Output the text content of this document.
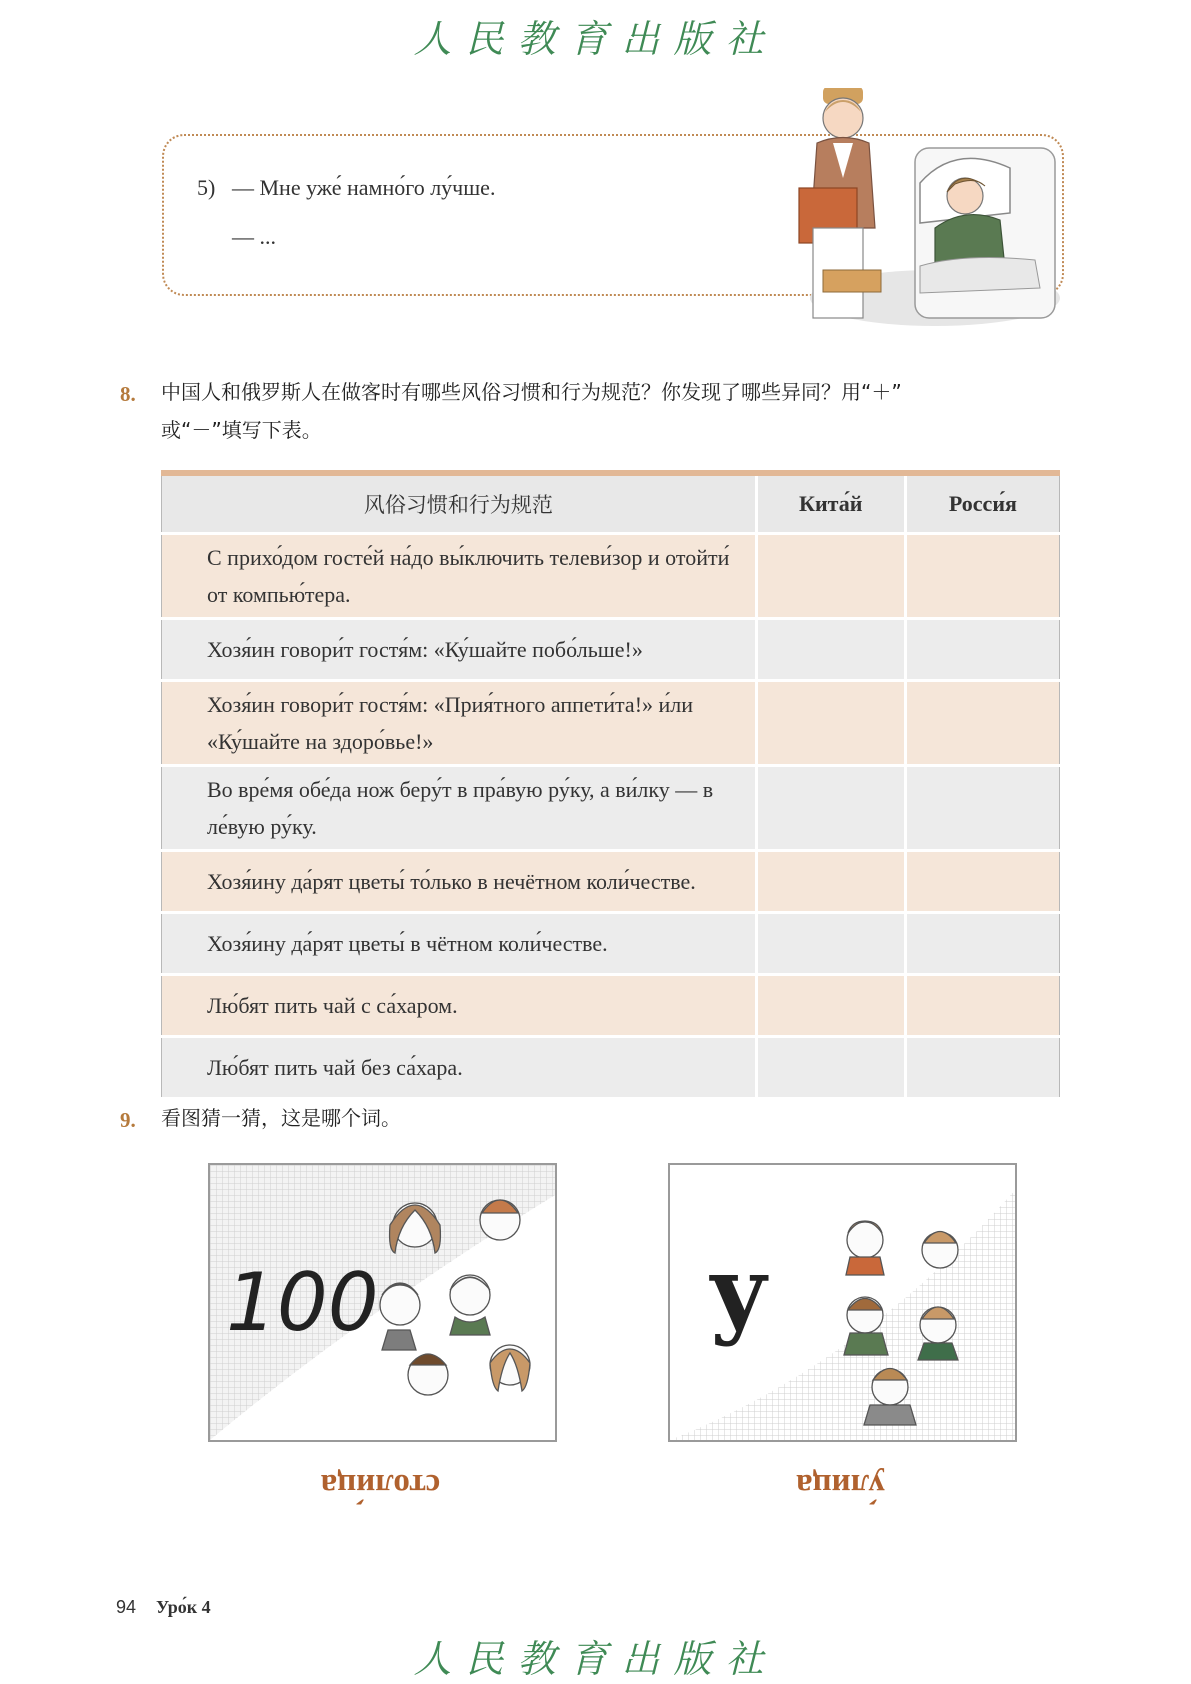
人民教育出版社
5) — Мне уже́ намно́го лу́чше.
— ...
8. 中国人和俄罗斯人在做客时有哪些风俗习惯和行为规范？你发现了哪些异同？用“＋”
或“－”填写下表。
风俗习惯和行为规范	Кита́й	Росси́я
С прихо́дом госте́й на́до вы́ключить телеви́зор и отойти́ от компью́тера.		
Хозя́ин говори́т гостя́м: «Ку́шайте побо́льше!»		
Хозя́ин говори́т гостя́м: «Прия́тного аппети́та!» и́ли «Ку́шайте на здоро́вье!»		
Во вре́мя обе́да нож беру́т в пра́вую ру́ку, а ви́лку — в ле́вую ру́ку.		
Хозя́ину да́рят цветы́ то́лько в нечётном коли́честве.		
Хозя́ину да́рят цветы́ в чётном коли́честве.		
Лю́бят пить чай с са́харом.		
Лю́бят пить чай без са́хара.		
9. 看图猜一猜，这是哪个词。
100
столи́ца
у
у́лица
94 Уро́к 4
人民教育出版社
